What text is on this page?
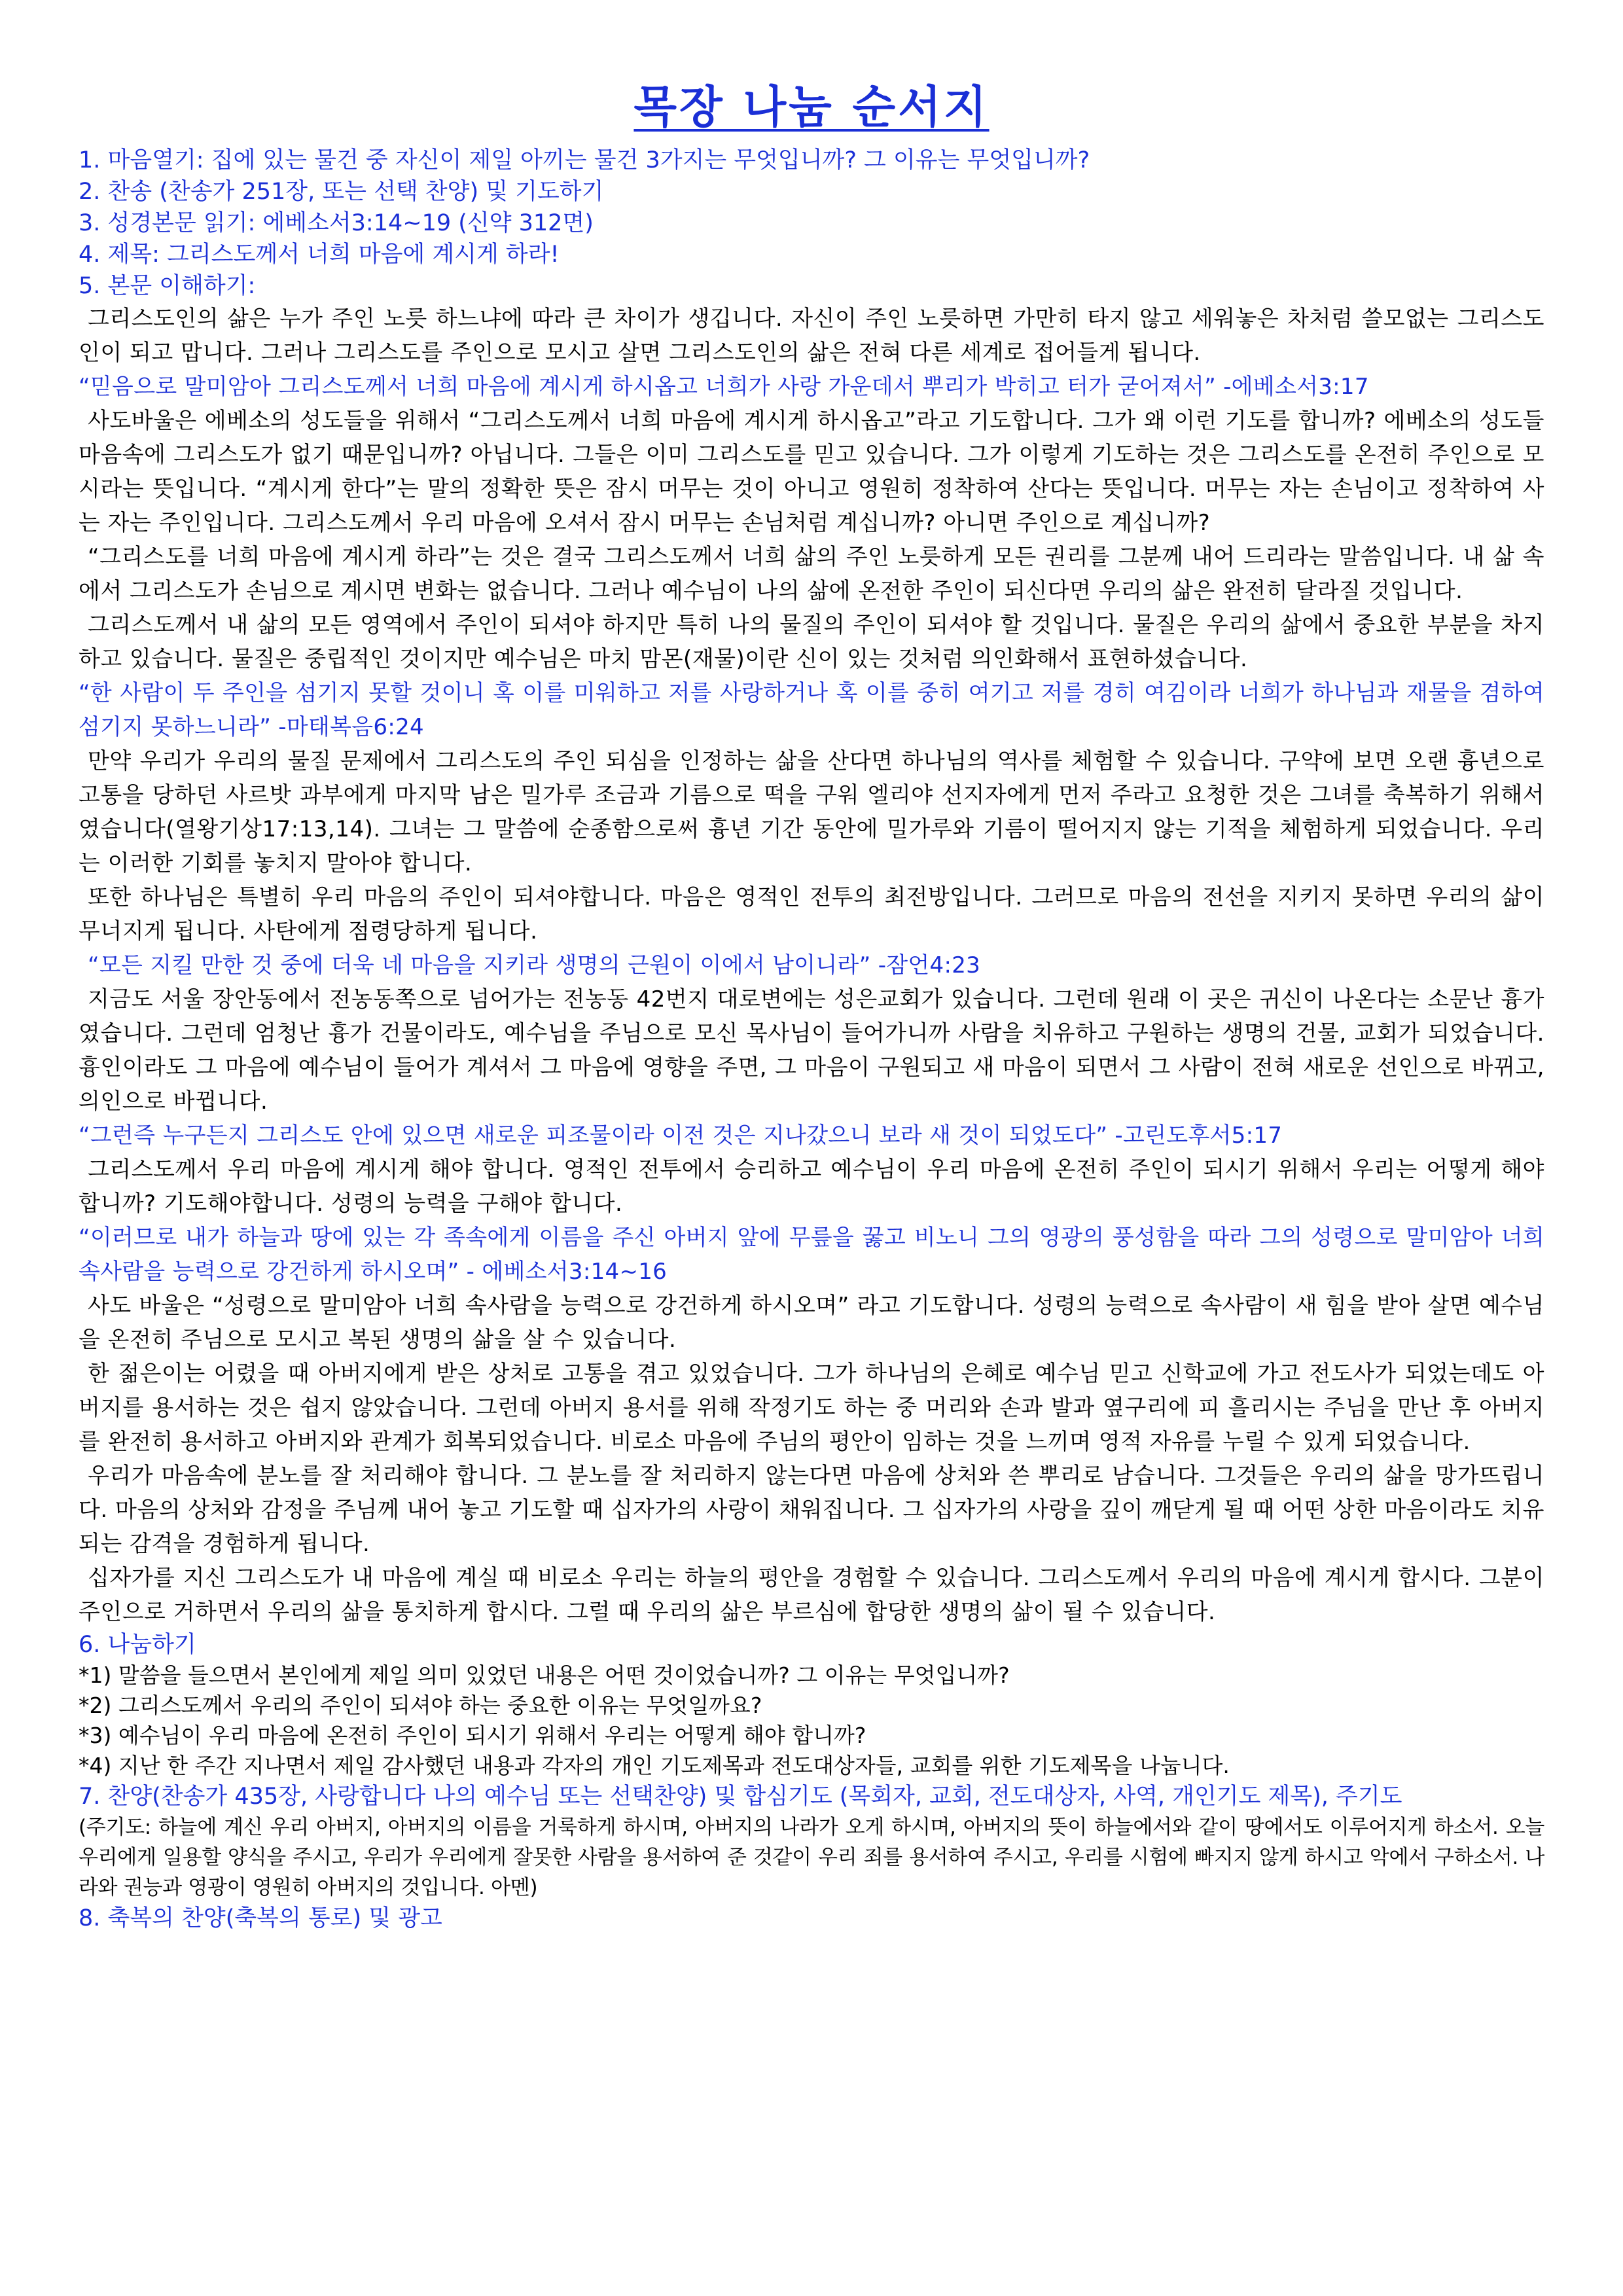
목장 나눔 순서지

1. 마음열기: 집에 있는 물건 중 자신이 제일 아끼는 물건 3가지는 무엇입니까? 그 이유는 무엇입니까?

2. 찬송 (찬송가 251장, 또는 선택 찬양) 및 기도하기

3. 성경본문 읽기: 에베소서3:14~19 (신약 312면)

4. 제목: 그리스도께서 너희 마음에 계시게 하라!

5. 본문 이해하기:

그리스도인의 삶은 누가 주인 노릇 하느냐에 따라 큰 차이가 생깁니다. 자신이 주인 노릇하면 가만히 타지 않고 세워놓은 차처럼 쓸모없는 그리스도인이 되고 맙니다. 그러나 그리스도를 주인으로 모시고 살면 그리스도인의 삶은 전혀 다른 세계로 접어들게 됩니다.

“믿음으로 말미암아 그리스도께서 너희 마음에 계시게 하시옵고 너희가 사랑 가운데서 뿌리가 박히고 터가 굳어져서” -에베소서3:17

사도바울은 에베소의 성도들을 위해서 “그리스도께서 너희 마음에 계시게 하시옵고”라고 기도합니다. 그가 왜 이런 기도를 합니까? 에베소의 성도들 마음속에 그리스도가 없기 때문입니까? 아닙니다. 그들은 이미 그리스도를 믿고 있습니다. 그가 이렇게 기도하는 것은 그리스도를 온전히 주인으로 모시라는 뜻입니다. “계시게 한다”는 말의 정확한 뜻은 잠시 머무는 것이 아니고 영원히 정착하여 산다는 뜻입니다. 머무는 자는 손님이고 정착하여 사는 자는 주인입니다. 그리스도께서 우리 마음에 오셔서 잠시 머무는 손님처럼 계십니까? 아니면 주인으로 계십니까?

“그리스도를 너희 마음에 계시게 하라”는 것은 결국 그리스도께서 너희 삶의 주인 노릇하게 모든 권리를 그분께 내어 드리라는 말씀입니다. 내 삶 속에서 그리스도가 손님으로 계시면 변화는 없습니다. 그러나 예수님이 나의 삶에 온전한 주인이 되신다면 우리의 삶은 완전히 달라질 것입니다.

그리스도께서 내 삶의 모든 영역에서 주인이 되셔야 하지만 특히 나의 물질의 주인이 되셔야 할 것입니다. 물질은 우리의 삶에서 중요한 부분을 차지하고 있습니다. 물질은 중립적인 것이지만 예수님은 마치 맘몬(재물)이란 신이 있는 것처럼 의인화해서 표현하셨습니다.

“한 사람이 두 주인을 섬기지 못할 것이니 혹 이를 미워하고 저를 사랑하거나 혹 이를 중히 여기고 저를 경히 여김이라 너희가 하나님과 재물을 겸하여 섬기지 못하느니라” -마태복음6:24

만약 우리가 우리의 물질 문제에서 그리스도의 주인 되심을 인정하는 삶을 산다면 하나님의 역사를 체험할 수 있습니다. 구약에 보면 오랜 흉년으로 고통을 당하던 사르밧 과부에게 마지막 남은 밀가루 조금과 기름으로 떡을 구워 엘리야 선지자에게 먼저 주라고 요청한 것은 그녀를 축복하기 위해서였습니다(열왕기상17:13,14). 그녀는 그 말씀에 순종함으로써 흉년 기간 동안에 밀가루와 기름이 떨어지지 않는 기적을 체험하게 되었습니다. 우리는 이러한 기회를 놓치지 말아야 합니다.

또한 하나님은 특별히 우리 마음의 주인이 되셔야합니다. 마음은 영적인 전투의 최전방입니다. 그러므로 마음의 전선을 지키지 못하면 우리의 삶이 무너지게 됩니다. 사탄에게 점령당하게 됩니다.

“모든 지킬 만한 것 중에 더욱 네 마음을 지키라 생명의 근원이 이에서 남이니라” -잠언4:23

지금도 서울 장안동에서 전농동쪽으로 넘어가는 전농동 42번지 대로변에는 성은교회가 있습니다. 그런데 원래 이 곳은 귀신이 나온다는 소문난 흉가였습니다. 그런데 엄청난 흉가 건물이라도, 예수님을 주님으로 모신 목사님이 들어가니까 사람을 치유하고 구원하는 생명의 건물, 교회가 되었습니다. 흉인이라도 그 마음에 예수님이 들어가 계셔서 그 마음에 영향을 주면, 그 마음이 구원되고 새 마음이 되면서 그 사람이 전혀 새로운 선인으로 바뀌고, 의인으로 바뀝니다.

“그런즉 누구든지 그리스도 안에 있으면 새로운 피조물이라 이전 것은 지나갔으니 보라 새 것이 되었도다” -고린도후서5:17

그리스도께서 우리 마음에 계시게 해야 합니다. 영적인 전투에서 승리하고 예수님이 우리 마음에 온전히 주인이 되시기 위해서 우리는 어떻게 해야 합니까? 기도해야합니다. 성령의 능력을 구해야 합니다.

“이러므로 내가 하늘과 땅에 있는 각 족속에게 이름을 주신 아버지 앞에 무릎을 꿇고 비노니 그의 영광의 풍성함을 따라 그의 성령으로 말미암아 너희 속사람을 능력으로 강건하게 하시오며” - 에베소서3:14~16

사도 바울은 “성령으로 말미암아 너희 속사람을 능력으로 강건하게 하시오며” 라고 기도합니다. 성령의 능력으로 속사람이 새 힘을 받아 살면 예수님을 온전히 주님으로 모시고 복된 생명의 삶을 살 수 있습니다.

한 젊은이는 어렸을 때 아버지에게 받은 상처로 고통을 겪고 있었습니다. 그가 하나님의 은혜로 예수님 믿고 신학교에 가고 전도사가 되었는데도 아버지를 용서하는 것은 쉽지 않았습니다. 그런데 아버지 용서를 위해 작정기도 하는 중 머리와 손과 발과 옆구리에 피 흘리시는 주님을 만난 후 아버지를 완전히 용서하고 아버지와 관계가 회복되었습니다. 비로소 마음에 주님의 평안이 임하는 것을 느끼며 영적 자유를 누릴 수 있게 되었습니다.

우리가 마음속에 분노를 잘 처리해야 합니다. 그 분노를 잘 처리하지 않는다면 마음에 상처와 쓴 뿌리로 남습니다. 그것들은 우리의 삶을 망가뜨립니다. 마음의 상처와 감정을 주님께 내어 놓고 기도할 때 십자가의 사랑이 채워집니다. 그 십자가의 사랑을 깊이 깨닫게 될 때 어떤 상한 마음이라도 치유되는 감격을 경험하게 됩니다.

십자가를 지신 그리스도가 내 마음에 계실 때 비로소 우리는 하늘의 평안을 경험할 수 있습니다. 그리스도께서 우리의 마음에 계시게 합시다. 그분이 주인으로 거하면서 우리의 삶을 통치하게 합시다. 그럴 때 우리의 삶은 부르심에 합당한 생명의 삶이 될 수 있습니다.

6. 나눔하기

*1) 말씀을 들으면서 본인에게 제일 의미 있었던 내용은 어떤 것이었습니까? 그 이유는 무엇입니까?

*2) 그리스도께서 우리의 주인이 되셔야 하는 중요한 이유는 무엇일까요?

*3) 예수님이 우리 마음에 온전히 주인이 되시기 위해서 우리는 어떻게 해야 합니까?

*4) 지난 한 주간 지나면서 제일 감사했던 내용과 각자의 개인 기도제목과 전도대상자들, 교회를 위한 기도제목을 나눕니다.

7. 찬양(찬송가 435장, 사랑합니다 나의 예수님 또는 선택찬양) 및 합심기도 (목회자, 교회, 전도대상자, 사역, 개인기도 제목), 주기도

(주기도: 하늘에 계신 우리 아버지, 아버지의 이름을 거룩하게 하시며, 아버지의 나라가 오게 하시며, 아버지의 뜻이 하늘에서와 같이 땅에서도 이루어지게 하소서. 오늘 우리에게 일용할 양식을 주시고, 우리가 우리에게 잘못한 사람을 용서하여 준 것같이 우리 죄를 용서하여 주시고, 우리를 시험에 빠지지 않게 하시고 악에서 구하소서. 나라와 권능과 영광이 영원히 아버지의 것입니다. 아멘)

8. 축복의 찬양(축복의 통로) 및 광고
